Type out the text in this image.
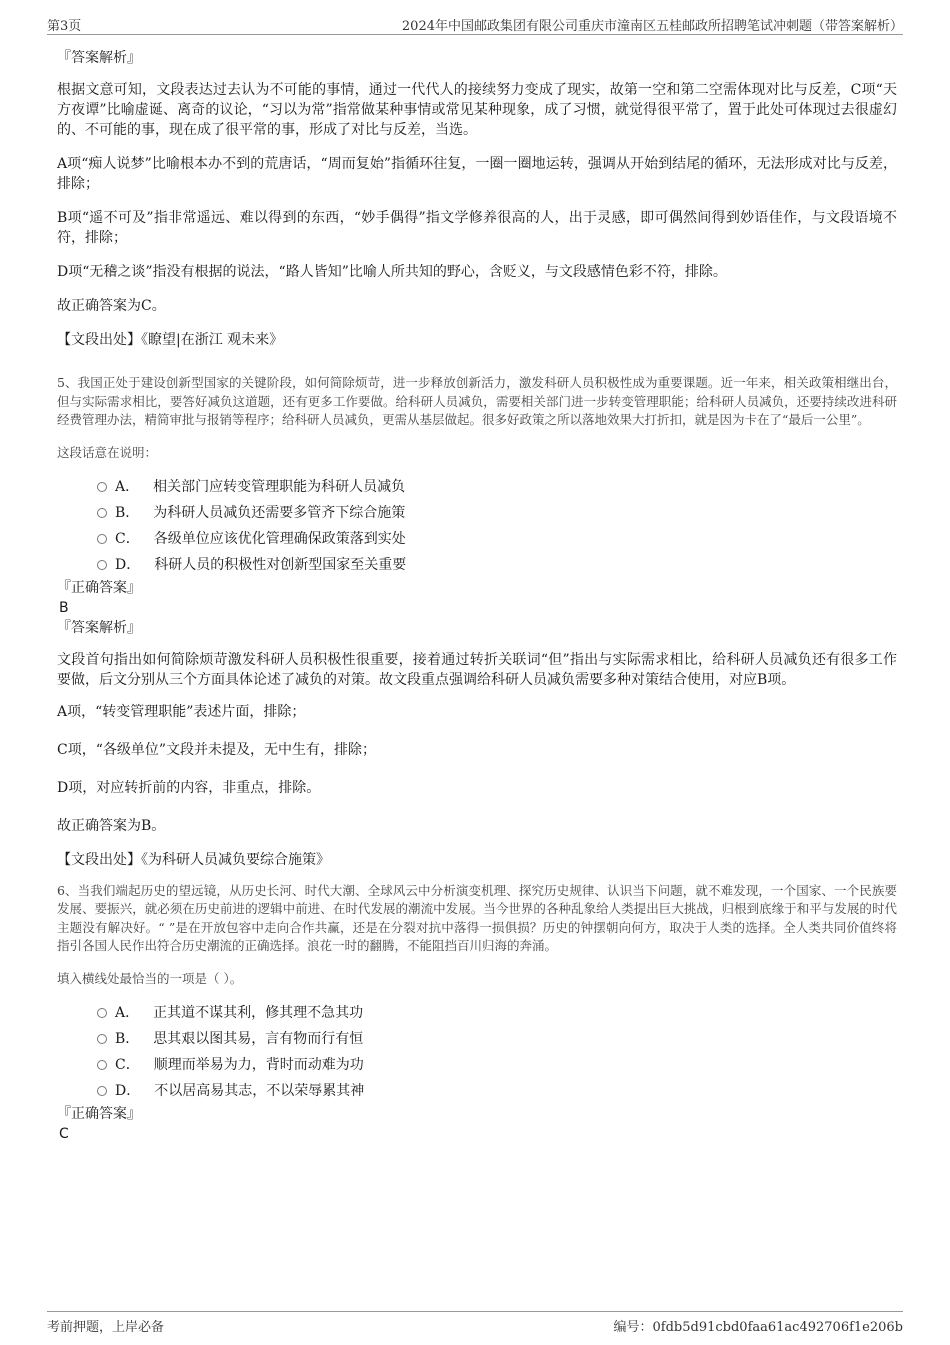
第3页	2024年中国邮政集团有限公司重庆市潼南区五桂邮政所招聘笔试冲刺题（带答案解析）

『答案解析』

根据文意可知，文段表达过去认为不可能的事情，通过一代代人的接续努力变成了现实，故第一空和第二空需体现对比与反差，C项“天方夜谭”比喻虚诞、离奇的议论，“习以为常”指常做某种事情或常见某种现象，成了习惯，就觉得很平常了，置于此处可体现过去很虚幻的、不可能的事，现在成了很平常的事，形成了对比与反差，当选。

A项“痴人说梦”比喻根本办不到的荒唐话，“周而复始”指循环往复，一圈一圈地运转，强调从开始到结尾的循环，无法形成对比与反差，排除；

B项“遥不可及”指非常遥远、难以得到的东西，“妙手偶得”指文学修养很高的人，出于灵感，即可偶然间得到妙语佳作，与文段语境不符，排除；

D项“无稽之谈”指没有根据的说法，“路人皆知”比喻人所共知的野心，含贬义，与文段感情色彩不符，排除。

故正确答案为C。

【文段出处】《瞭望|在浙江 观未来》

5、我国正处于建设创新型国家的关键阶段，如何简除烦苛，进一步释放创新活力，激发科研人员积极性成为重要课题。近一年来，相关政策相继出台，但与实际需求相比，要答好减负这道题，还有更多工作要做。给科研人员减负，需要相关部门进一步转变管理职能；给科研人员减负，还要持续改进科研经费管理办法，精简审批与报销等程序；给科研人员减负，更需从基层做起。很多好政策之所以落地效果大打折扣，就是因为卡在了“最后一公里”。

这段话意在说明：

A． 相关部门应转变管理职能为科研人员减负
B． 为科研人员减负还需要多管齐下综合施策
C． 各级单位应该优化管理确保政策落到实处
D． 科研人员的积极性对创新型国家至关重要

『正确答案』

B

『答案解析』

文段首句指出如何简除烦苛激发科研人员积极性很重要，接着通过转折关联词“但”指出与实际需求相比，给科研人员减负还有很多工作要做，后文分别从三个方面具体论述了减负的对策。故文段重点强调给科研人员减负需要多种对策结合使用，对应B项。

A项，“转变管理职能”表述片面，排除；

C项，“各级单位”文段并未提及，无中生有，排除；

D项，对应转折前的内容，非重点，排除。

故正确答案为B。

【文段出处】《为科研人员减负要综合施策》

6、当我们端起历史的望远镜，从历史长河、时代大潮、全球风云中分析演变机理、探究历史规律、认识当下问题，就不难发现，一个国家、一个民族要发展、要振兴，就必须在历史前进的逻辑中前进、在时代发展的潮流中发展。当今世界的各种乱象给人类提出巨大挑战，归根到底缘于和平与发展的时代主题没有解决好。“ ”是在开放包容中走向合作共赢，还是在分裂对抗中落得一损俱损？历史的钟摆朝向何方，取决于人类的选择。全人类共同价值终将指引各国人民作出符合历史潮流的正确选择。浪花一时的翻腾，不能阻挡百川归海的奔涌。

填入横线处最恰当的一项是（ ）。

A． 正其道不谋其利，修其理不急其功
B． 思其艰以图其易，言有物而行有恒
C． 顺理而举易为力，背时而动难为功
D． 不以居高易其志，不以荣辱累其神

『正确答案』

C

考前押题，上岸必备	编号：0fdb5d91cbd0faa61ac492706f1e206b
